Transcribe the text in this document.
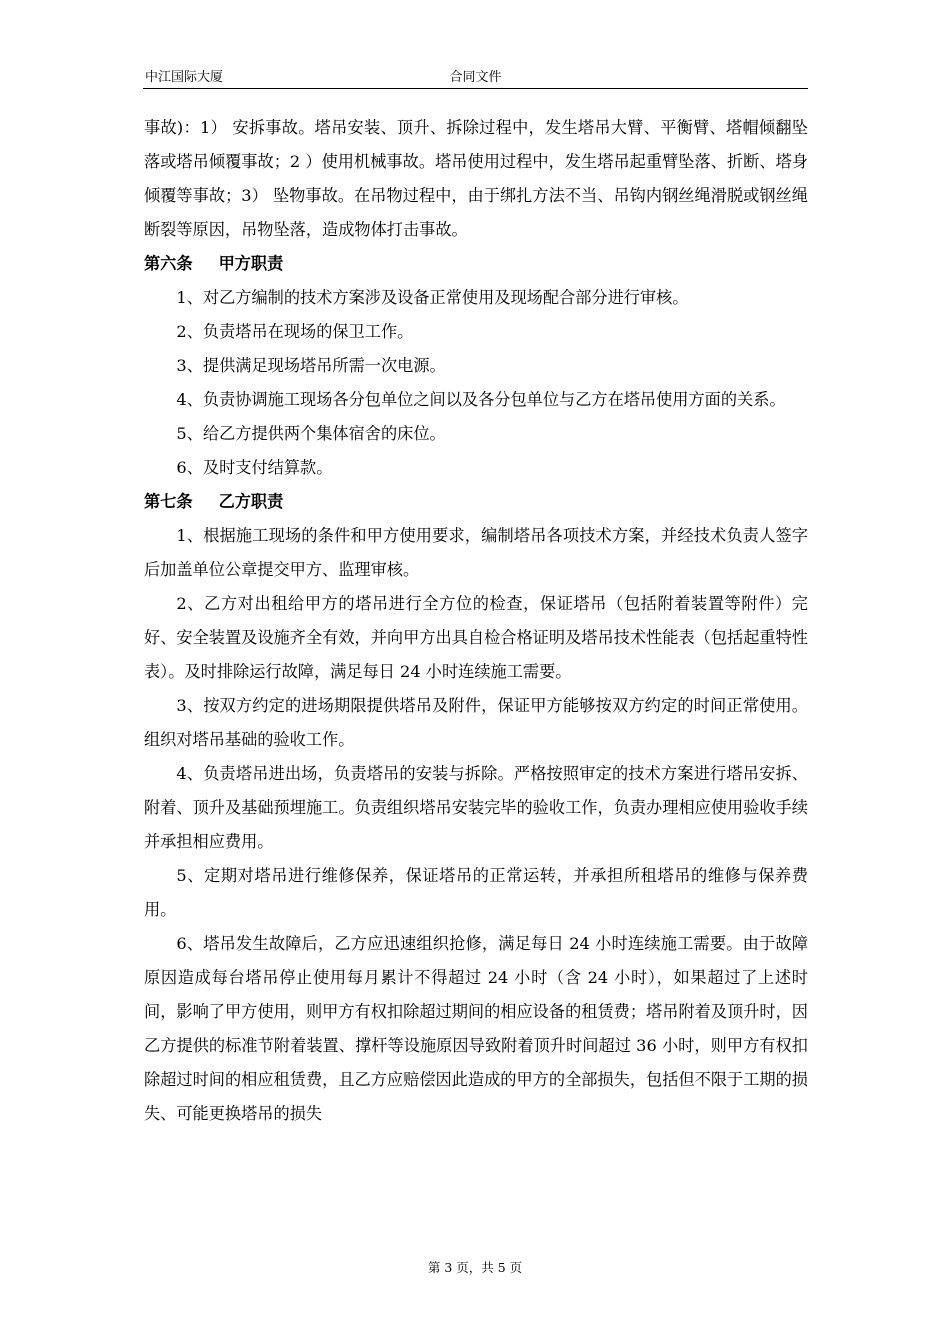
中江国际大厦	合同文件

事故)：1） 安拆事故。塔吊安装、顶升、拆除过程中，发生塔吊大臂、平衡臂、塔帽倾翻坠落或塔吊倾覆事故；2 ）使用机械事故。塔吊使用过程中，发生塔吊起重臂坠落、折断、塔身倾覆等事故；3） 坠物事故。在吊物过程中，由于绑扎方法不当、吊钩内钢丝绳滑脱或钢丝绳断裂等原因，吊物坠落，造成物体打击事故。

第六条 甲方职责

1、对乙方编制的技术方案涉及设备正常使用及现场配合部分进行审核。

2、负责塔吊在现场的保卫工作。

3、提供满足现场塔吊所需一次电源。

4、负责协调施工现场各分包单位之间以及各分包单位与乙方在塔吊使用方面的关系。

5、给乙方提供两个集体宿舍的床位。

6、及时支付结算款。

第七条 乙方职责

1、根据施工现场的条件和甲方使用要求，编制塔吊各项技术方案，并经技术负责人签字后加盖单位公章提交甲方、监理审核。

2、乙方对出租给甲方的塔吊进行全方位的检查，保证塔吊（包括附着装置等附件）完好、安全装置及设施齐全有效，并向甲方出具自检合格证明及塔吊技术性能表（包括起重特性表）。及时排除运行故障，满足每日 24 小时连续施工需要。

3、按双方约定的进场期限提供塔吊及附件，保证甲方能够按双方约定的时间正常使用。组织对塔吊基础的验收工作。

4、负责塔吊进出场，负责塔吊的安装与拆除。严格按照审定的技术方案进行塔吊安拆、附着、顶升及基础预埋施工。负责组织塔吊安装完毕的验收工作，负责办理相应使用验收手续并承担相应费用。

5、定期对塔吊进行维修保养，保证塔吊的正常运转，并承担所租塔吊的维修与保养费用。

6、塔吊发生故障后，乙方应迅速组织抢修，满足每日 24 小时连续施工需要。由于故障原因造成每台塔吊停止使用每月累计不得超过 24 小时（含 24 小时），如果超过了上述时间，影响了甲方使用，则甲方有权扣除超过期间的相应设备的租赁费；塔吊附着及顶升时，因乙方提供的标准节附着装置、撑杆等设施原因导致附着顶升时间超过 36 小时，则甲方有权扣除超过时间的相应租赁费，且乙方应赔偿因此造成的甲方的全部损失，包括但不限于工期的损失、可能更换塔吊的损失

第 3 页，共 5 页
